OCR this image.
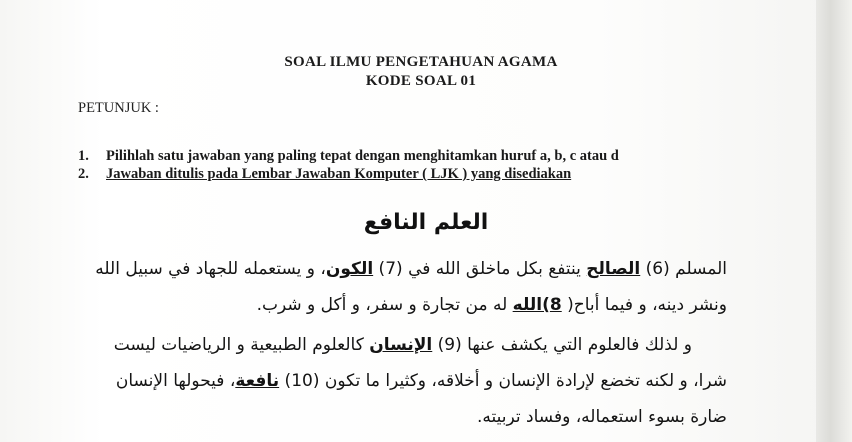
SOAL ILMU PENGETAHUAN AGAMA
KODE SOAL 01
PETUNJUK :
1. Pilihlah satu jawaban yang paling tepat dengan menghitamkan huruf a, b, c atau d
2. Jawaban ditulis pada Lembar Jawaban Komputer ( LJK ) yang disediakan
العلم النافع
المسلم (6) الصالح ينتفع بكل ماخلق الله في (7) الكون، و يستعمله للجهاد في سبيل الله
ونشر دينه، و فيما أباح( 8)الله له من تجارة و سفر، و أكل و شرب.
و لذلك فالعلوم التي يكشف عنها (9) الإنسان كالعلوم الطبيعية و الرياضيات ليست
شرا، و لكنه تخضع لإرادة الإنسان و أخلاقه، وكثيرا ما تكون (10) نافعة، فيحولها الإنسان
ضارة بسوء استعماله، وفساد تربيته.
